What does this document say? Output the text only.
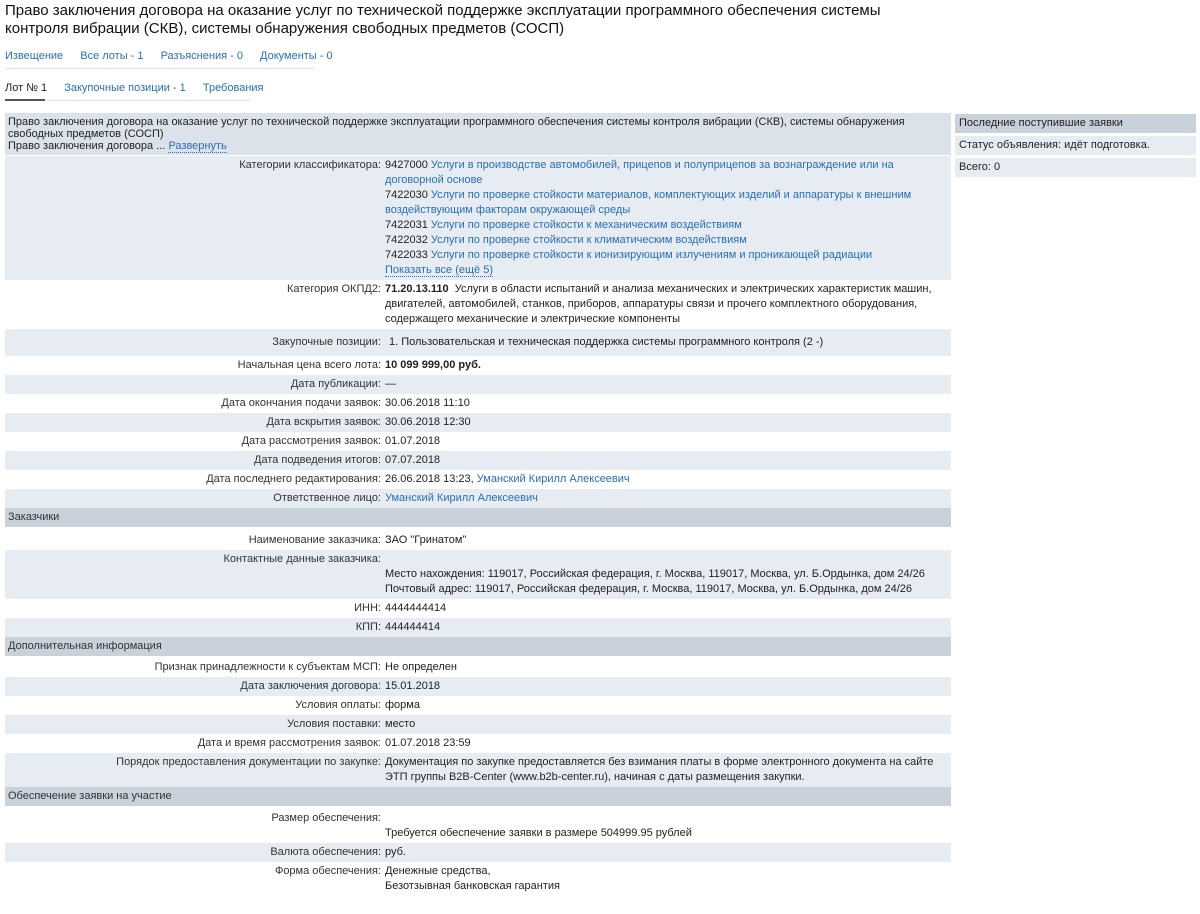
Право заключения договора на оказание услуг по технической поддержке эксплуатации программного обеспечения системы контроля вибрации (СКВ), системы обнаружения свободных предметов (СОСП)
Извещение Все лоты - 1 Разъяснения - 0 Документы - 0
Лот № 1 Закупочные позиции - 1 Требования
Право заключения договора на оказание услуг по технической поддержке эксплуатации программного обеспечения системы контроля вибрации (СКВ), системы обнаружения свободных предметов (СОСП)
Право заключения договора ... Развернуть
Категории классификатора: 9427000 Услуги в производстве автомобилей, прицепов и полуприцепов за вознаграждение или на договорной основе
7422030 Услуги по проверке стойкости материалов, комплектующих изделий и аппаратуры к внешним воздействующим факторам окружающей среды
7422031 Услуги по проверке стойкости к механическим воздействиям
7422032 Услуги по проверке стойкости к климатическим воздействиям
7422033 Услуги по проверке стойкости к ионизирующим излучениям и проникающей радиации
Показать все (ещё 5)
Категория ОКПД2: 71.20.13.110 Услуги в области испытаний и анализа механических и электрических характеристик машин, двигателей, автомобилей, станков, приборов, аппаратуры связи и прочего комплектного оборудования, содержащего механические и электрические компоненты
Закупочные позиции: 1. Пользовательская и техническая поддержка системы программного контроля (2 -)
Начальная цена всего лота: 10 099 999,00 руб.
Дата публикации: —
Дата окончания подачи заявок: 30.06.2018 11:10
Дата вскрытия заявок: 30.06.2018 12:30
Дата рассмотрения заявок: 01.07.2018
Дата подведения итогов: 07.07.2018
Дата последнего редактирования: 26.06.2018 13:23, Уманский Кирилл Алексеевич
Ответственное лицо: Уманский Кирилл Алексеевич
Заказчики
Наименование заказчика: ЗАО "Гринатом"
Контактные данные заказчика:
Место нахождения: 119017, Российская федерация, г. Москва, 119017, Москва, ул. Б.Ордынка, дом 24/26
Почтовый адрес: 119017, Российская федерация, г. Москва, 119017, Москва, ул. Б.Ордынка, дом 24/26
ИНН: 4444444414
КПП: 444444414
Дополнительная информация
Признак принадлежности к субъектам МСП: Не определен
Дата заключения договора: 15.01.2018
Условия оплаты: форма
Условия поставки: место
Дата и время рассмотрения заявок: 01.07.2018 23:59
Порядок предоставления документации по закупке: Документация по закупке предоставляется без взимания платы в форме электронного документа на сайте ЭТП группы B2B-Center (www.b2b-center.ru), начиная с даты размещения закупки.
Обеспечение заявки на участие
Размер обеспечения:
Требуется обеспечение заявки в размере 504999.95 рублей
Валюта обеспечения: руб.
Форма обеспечения: Денежные средства,
Безотзывная банковская гарантия
Последние поступившие заявки
Статус объявления: идёт подготовка.
Всего: 0
